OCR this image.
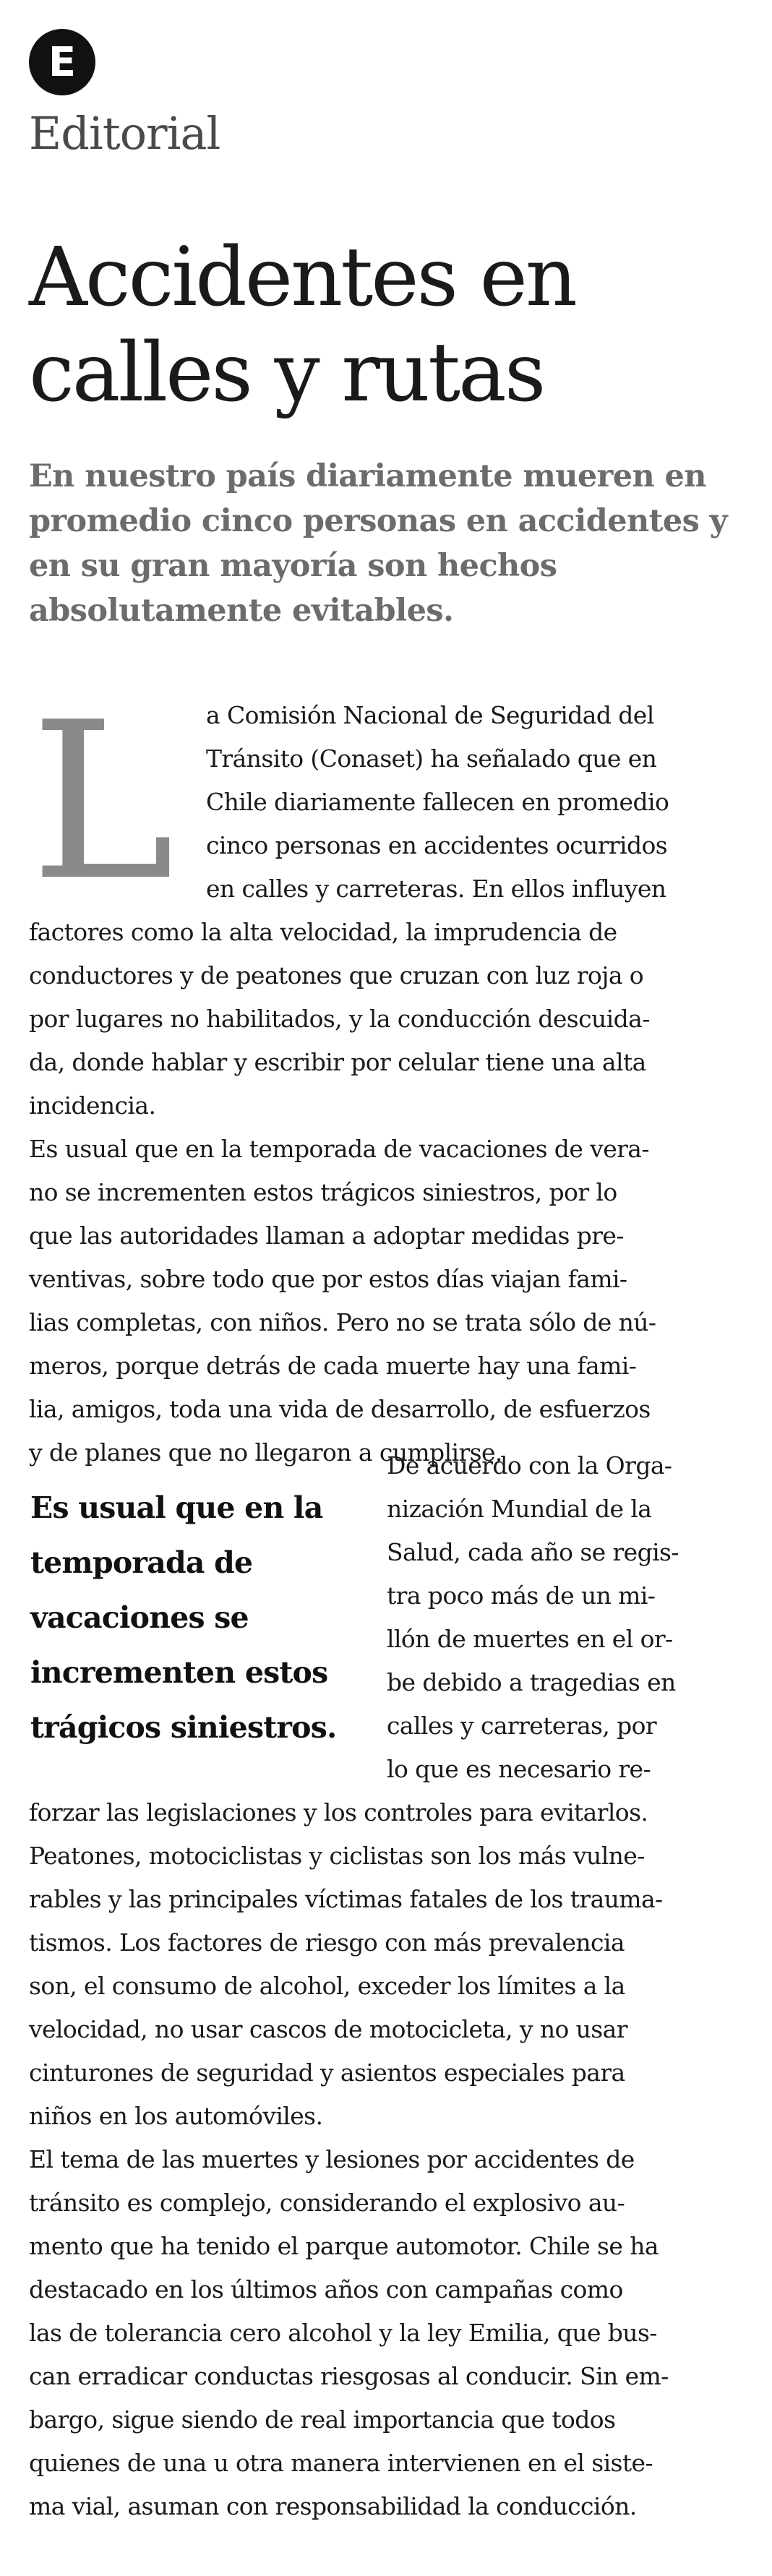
E
Editorial
Accidentes en
calles y rutas

En nuestro país diariamente mueren en promedio cinco personas en accidentes y en su gran mayoría son hechos absolutamente evitables.

L a Comisión Nacional de Seguridad del
Tránsito (Conaset) ha señalado que en
Chile diariamente fallecen en promedio
cinco personas en accidentes ocurridos
en calles y carreteras. En ellos influyen
factores como la alta velocidad, la imprudencia de
conductores y de peatones que cruzan con luz roja o
por lugares no habilitados, y la conducción descuida-
da, donde hablar y escribir por celular tiene una alta
incidencia.
Es usual que en la temporada de vacaciones de vera-
no se incrementen estos trágicos siniestros, por lo
que las autoridades llaman a adoptar medidas pre-
ventivas, sobre todo que por estos días viajan fami-
lias completas, con niños. Pero no se trata sólo de nú-
meros, porque detrás de cada muerte hay una fami-
lia, amigos, toda una vida de desarrollo, de esfuerzos
y de planes que no llegaron a cumplirse.

Es usual que en la temporada de vacaciones se incrementen estos trágicos siniestros.

De acuerdo con la Orga-
nización Mundial de la
Salud, cada año se regis-
tra poco más de un mi-
llón de muertes en el or-
be debido a tragedias en
calles y carreteras, por
lo que es necesario re-
forzar las legislaciones y los controles para evitarlos.
Peatones, motociclistas y ciclistas son los más vulne-
rables y las principales víctimas fatales de los trauma-
tismos. Los factores de riesgo con más prevalencia
son, el consumo de alcohol, exceder los límites a la
velocidad, no usar cascos de motocicleta, y no usar
cinturones de seguridad y asientos especiales para
niños en los automóviles.
El tema de las muertes y lesiones por accidentes de
tránsito es complejo, considerando el explosivo au-
mento que ha tenido el parque automotor. Chile se ha
destacado en los últimos años con campañas como
las de tolerancia cero alcohol y la ley Emilia, que bus-
can erradicar conductas riesgosas al conducir. Sin em-
bargo, sigue siendo de real importancia que todos
quienes de una u otra manera intervienen en el siste-
ma vial, asuman con responsabilidad la conducción.
